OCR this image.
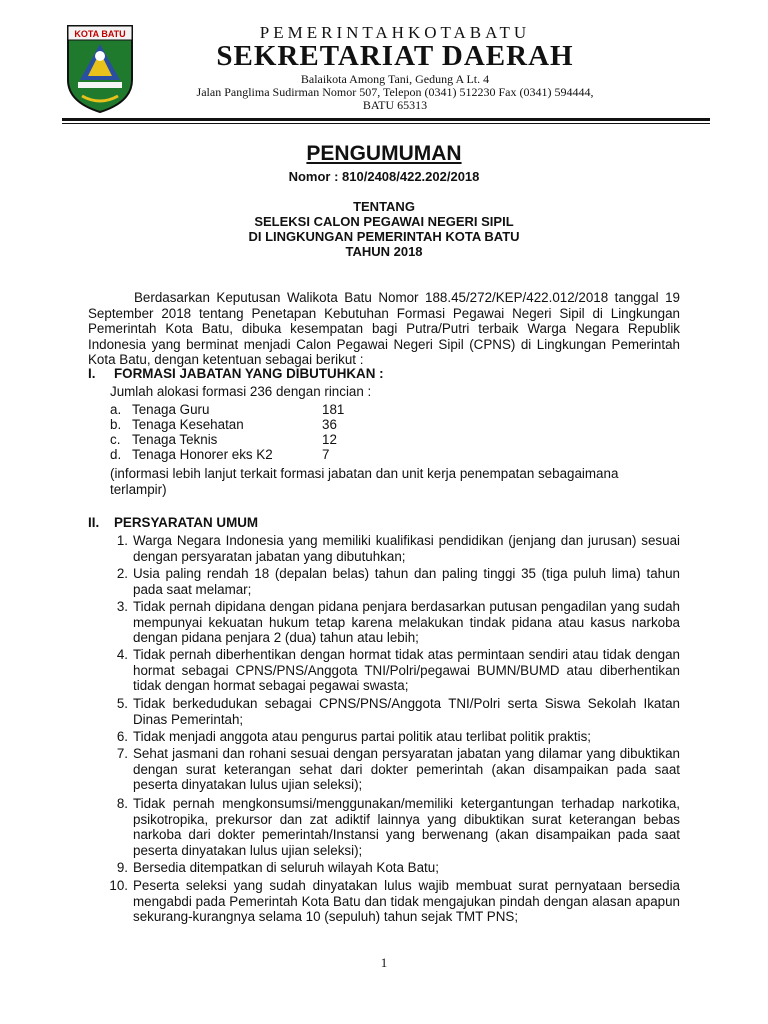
KOTA BATU	PEMERINTAHKOTABATU
SEKRETARIAT DAERAH
Balaikota Among Tani, Gedung A Lt. 4
Jalan Panglima Sudirman Nomor 507, Telepon (0341) 512230 Fax (0341) 594444,
BATU 65313
PENGUMUMAN
Nomor : 810/2408/422.202/2018
TENTANG
SELEKSI CALON PEGAWAI NEGERI SIPIL
DI LINGKUNGAN PEMERINTAH KOTA BATU
TAHUN 2018

Berdasarkan Keputusan Walikota Batu Nomor 188.45/272/KEP/422.012/2018 tanggal 19 September 2018 tentang Penetapan Kebutuhan Formasi Pegawai Negeri Sipil di Lingkungan Pemerintah Kota Batu, dibuka kesempatan bagi Putra/Putri terbaik Warga Negara Republik Indonesia yang berminat menjadi Calon Pegawai Negeri Sipil (CPNS) di Lingkungan Pemerintah Kota Batu, dengan ketentuan sebagai berikut :

I. FORMASI JABATAN YANG DIBUTUHKAN :
Jumlah alokasi formasi 236 dengan rincian :
a. Tenaga Guru	181
b. Tenaga Kesehatan	36
c. Tenaga Teknis	12
d. Tenaga Honorer eks K2	7
(informasi lebih lanjut terkait formasi jabatan dan unit kerja penempatan sebagaimana
terlampir)
II. PERSYARATAN UMUM
1. Warga Negara Indonesia yang memiliki kualifikasi pendidikan (jenjang dan jurusan) sesuai dengan persyaratan jabatan yang dibutuhkan;
2. Usia paling rendah 18 (depalan belas) tahun dan paling tinggi 35 (tiga puluh lima) tahun pada saat melamar;
3. Tidak pernah dipidana dengan pidana penjara berdasarkan putusan pengadilan yang sudah mempunyai kekuatan hukum tetap karena melakukan tindak pidana atau kasus narkoba dengan pidana penjara 2 (dua) tahun atau lebih;
4. Tidak pernah diberhentikan dengan hormat tidak atas permintaan sendiri atau tidak dengan hormat sebagai CPNS/PNS/Anggota TNI/Polri/pegawai BUMN/BUMD atau diberhentikan tidak dengan hormat sebagai pegawai swasta;
5. Tidak berkedudukan sebagai CPNS/PNS/Anggota TNI/Polri serta Siswa Sekolah Ikatan Dinas Pemerintah;
6. Tidak menjadi anggota atau pengurus partai politik atau terlibat politik praktis;
7. Sehat jasmani dan rohani sesuai dengan persyaratan jabatan yang dilamar yang dibuktikan dengan surat keterangan sehat dari dokter pemerintah (akan disampaikan pada saat peserta dinyatakan lulus ujian seleksi);
8. Tidak pernah mengkonsumsi/menggunakan/memiliki ketergantungan terhadap narkotika, psikotropika, prekursor dan zat adiktif lainnya yang dibuktikan surat keterangan bebas narkoba dari dokter pemerintah/Instansi yang berwenang (akan disampaikan pada saat peserta dinyatakan lulus ujian seleksi);
9. Bersedia ditempatkan di seluruh wilayah Kota Batu;
10. Peserta seleksi yang sudah dinyatakan lulus wajib membuat surat pernyataan bersedia mengabdi pada Pemerintah Kota Batu dan tidak mengajukan pindah dengan alasan apapun sekurang-kurangnya selama 10 (sepuluh) tahun sejak TMT PNS;
1
